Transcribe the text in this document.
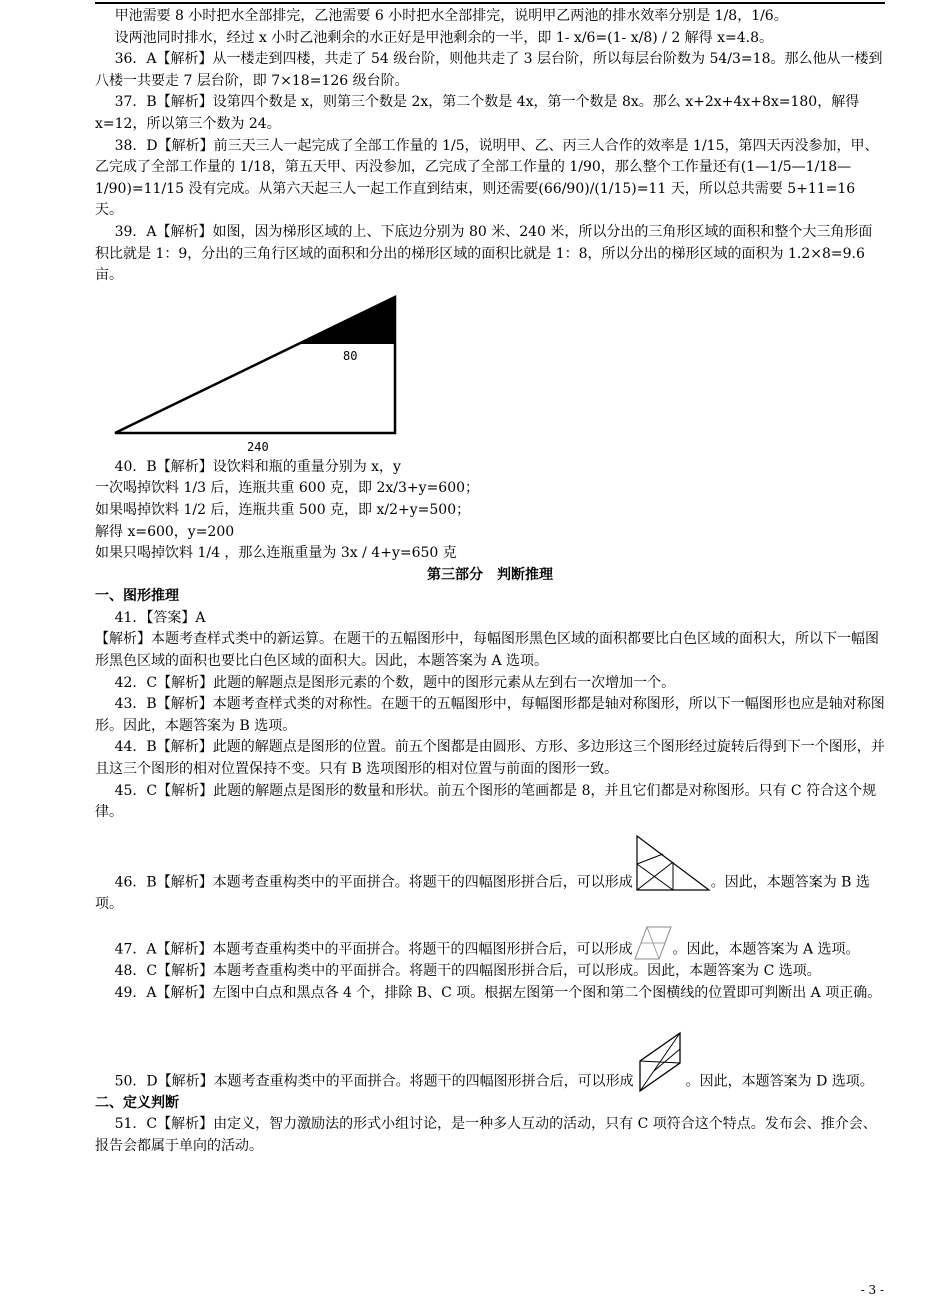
甲池需要 8 小时把水全部排完，乙池需要 6 小时把水全部排完，说明甲乙两池的排水效率分别是 1/8，1/6。

设两池同时排水，经过 x 小时乙池剩余的水正好是甲池剩余的一半，即 1- x/6=(1- x/8) / 2 解得 x=4.8。

36．A【解析】从一楼走到四楼，共走了 54 级台阶，则他共走了 3 层台阶，所以每层台阶数为 54/3=18。那么他从一楼到八楼一共要走 7 层台阶，即 7×18=126 级台阶。

37．B【解析】设第四个数是 x，则第三个数是 2x，第二个数是 4x，第一个数是 8x。那么 x+2x+4x+8x=180，解得 x=12，所以第三个数为 24。

38．D【解析】前三天三人一起完成了全部工作量的 1/5，说明甲、乙、丙三人合作的效率是 1/15，第四天丙没参加，甲、乙完成了全部工作量的 1/18，第五天甲、丙没参加，乙完成了全部工作量的 1/90，那么整个工作量还有(1—1/5—1/18—1/90)=11/15 没有完成。从第六天起三人一起工作直到结束，则还需要(66/90)/(1/15)=11 天，所以总共需要 5+11=16 天。

39．A【解析】如图，因为梯形区域的上、下底边分别为 80 米、240 米，所以分出的三角形区域的面积和整个大三角形面积比就是 1：9，分出的三角行区域的面积和分出的梯形区域的面积比就是 1：8，所以分出的梯形区域的面积为 1.2×8=9.6 亩。

80
240

40．B【解析】设饮料和瓶的重量分别为 x，y

一次喝掉饮料 1/3 后，连瓶共重 600 克，即 2x/3+y=600；

如果喝掉饮料 1/2 后，连瓶共重 500 克，即 x/2+y=500；

解得 x=600，y=200

如果只喝掉饮料 1/4 ，那么连瓶重量为 3x / 4+y=650 克

第三部分　判断推理

一、图形推理

41．【答案】A

【解析】本题考查样式类中的新运算。在题干的五幅图形中，每幅图形黑色区域的面积都要比白色区域的面积大，所以下一幅图形黑色区域的面积也要比白色区域的面积大。因此，本题答案为 A 选项。

42．C【解析】此题的解题点是图形元素的个数，题中的图形元素从左到右一次增加一个。

43．B【解析】本题考查样式类的对称性。在题干的五幅图形中，每幅图形都是轴对称图形，所以下一幅图形也应是轴对称图形。因此，本题答案为 B 选项。

44．B【解析】此题的解题点是图形的位置。前五个图都是由圆形、方形、多边形这三个图形经过旋转后得到下一个图形，并且这三个图形的相对位置保持不变。只有 B 选项图形的相对位置与前面的图形一致。

45．C【解析】此题的解题点是图形的数量和形状。前五个图形的笔画都是 8，并且它们都是对称图形。只有 C 符合这个规律。

46．B【解析】本题考查重构类中的平面拼合。将题干的四幅图形拼合后，可以形成	。因此，本题答案为 B 选项。

47．A【解析】本题考查重构类中的平面拼合。将题干的四幅图形拼合后，可以形成	。因此，本题答案为 A 选项。

48．C【解析】本题考查重构类中的平面拼合。将题干的四幅图形拼合后，可以形成。因此，本题答案为 C 选项。

49．A【解析】左图中白点和黑点各 4 个，排除 B、C 项。根据左图第一个图和第二个图横线的位置即可判断出 A 项正确。

50．D【解析】本题考查重构类中的平面拼合。将题干的四幅图形拼合后，可以形成	。因此，本题答案为 D 选项。

二、定义判断

51．C【解析】由定义，智力激励法的形式小组讨论，是一种多人互动的活动，只有 C 项符合这个特点。发布会、推介会、报告会都属于单向的活动。

- 3 -
